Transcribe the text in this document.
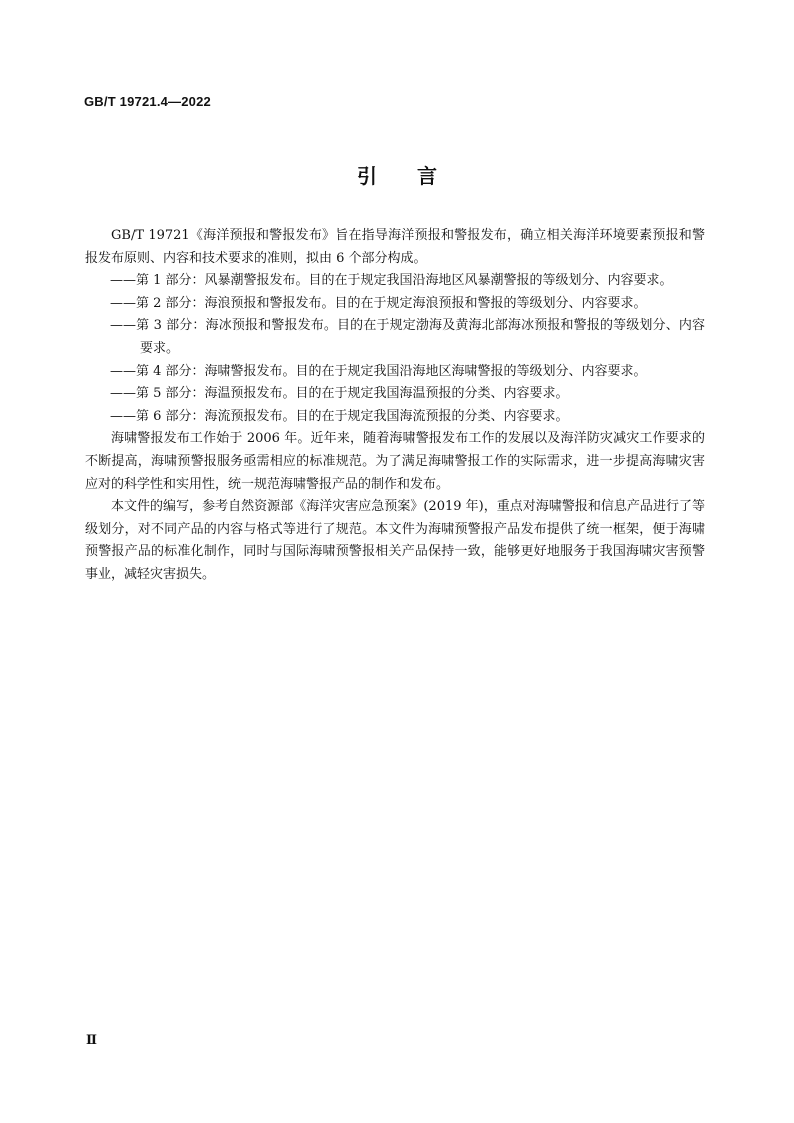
GB/T 19721.4—2022
引 言

GB/T 19721《海洋预报和警报发布》旨在指导海洋预报和警报发布，确立相关海洋环境要素预报和警报发布原则、内容和技术要求的准则，拟由 6 个部分构成。

——第 1 部分：风暴潮警报发布。目的在于规定我国沿海地区风暴潮警报的等级划分、内容要求。

——第 2 部分：海浪预报和警报发布。目的在于规定海浪预报和警报的等级划分、内容要求。

——第 3 部分：海冰预报和警报发布。目的在于规定渤海及黄海北部海冰预报和警报的等级划分、内容要求。

——第 4 部分：海啸警报发布。目的在于规定我国沿海地区海啸警报的等级划分、内容要求。

——第 5 部分：海温预报发布。目的在于规定我国海温预报的分类、内容要求。

——第 6 部分：海流预报发布。目的在于规定我国海流预报的分类、内容要求。

海啸警报发布工作始于 2006 年。近年来，随着海啸警报发布工作的发展以及海洋防灾减灾工作要求的不断提高，海啸预警报服务亟需相应的标准规范。为了满足海啸警报工作的实际需求，进一步提高海啸灾害应对的科学性和实用性，统一规范海啸警报产品的制作和发布。

本文件的编写，参考自然资源部《海洋灾害应急预案》(2019 年)，重点对海啸警报和信息产品进行了等级划分，对不同产品的内容与格式等进行了规范。本文件为海啸预警报产品发布提供了统一框架，便于海啸预警报产品的标准化制作，同时与国际海啸预警报相关产品保持一致，能够更好地服务于我国海啸灾害预警事业，减轻灾害损失。

Ⅱ
